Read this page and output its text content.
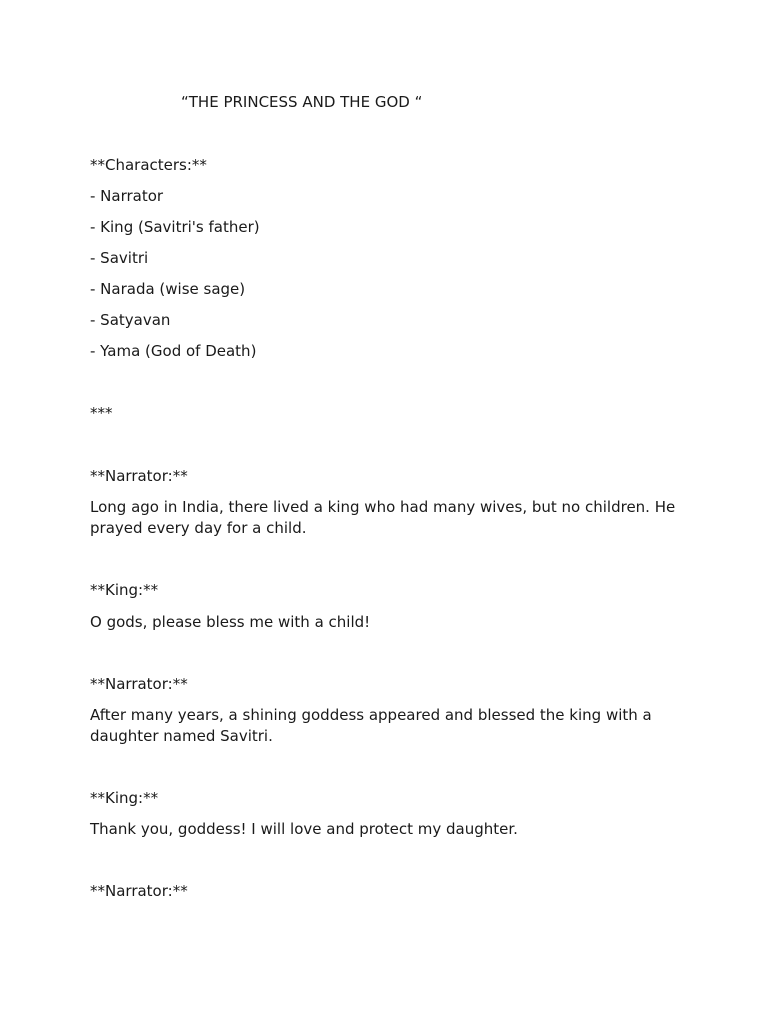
“THE PRINCESS AND THE GOD “
**Characters:**
- Narrator
- King (Savitri's father)
- Savitri
- Narada (wise sage)
- Satyavan
- Yama (God of Death)
***
**Narrator:**
Long ago in India, there lived a king who had many wives, but no children. He prayed every day for a child.
**King:**
O gods, please bless me with a child!
**Narrator:**
After many years, a shining goddess appeared and blessed the king with a daughter named Savitri.
**King:**
Thank you, goddess! I will love and protect my daughter.
**Narrator:**
